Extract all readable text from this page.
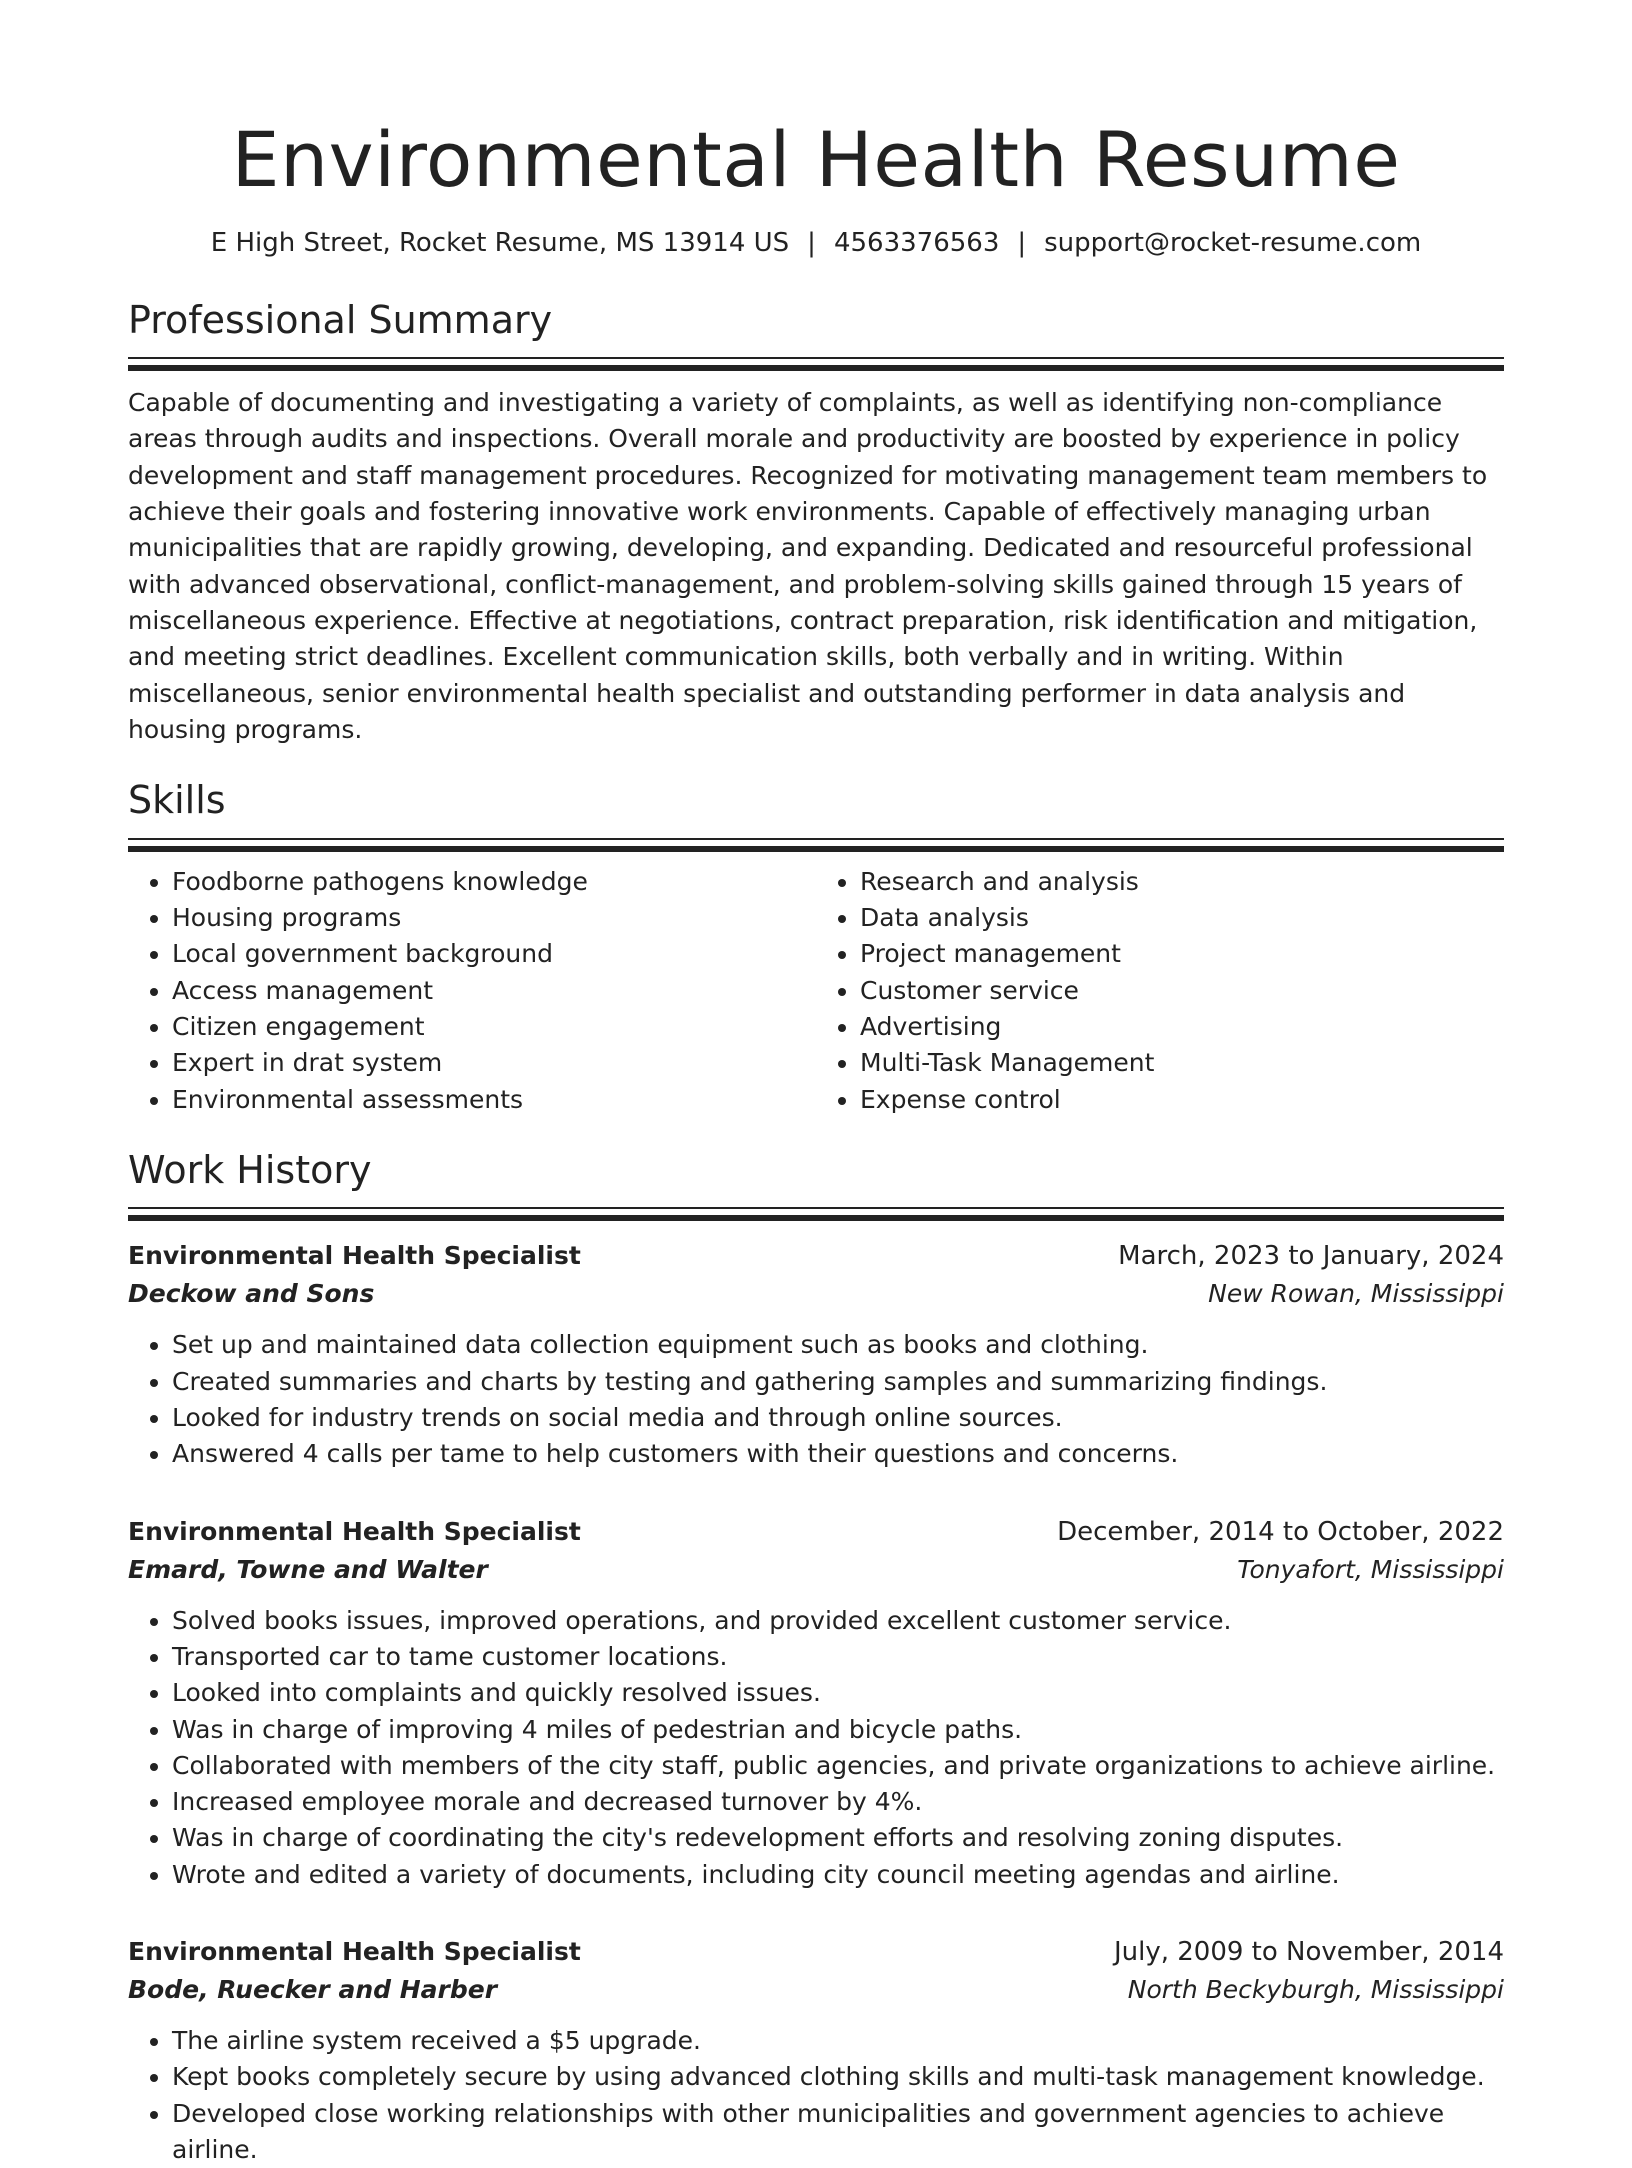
Environmental Health Resume
E High Street, Rocket Resume, MS 13914 US | 4563376563 | support@rocket-resume.com
Professional Summary

Capable of documenting and investigating a variety of complaints, as well as identifying non-compliance areas through audits and inspections. Overall morale and productivity are boosted by experience in policy development and staff management procedures. Recognized for motivating management team members to achieve their goals and fostering innovative work environments. Capable of effectively managing urban municipalities that are rapidly growing, developing, and expanding. Dedicated and resourceful professional with advanced observational, conflict-management, and problem-solving skills gained through 15 years of miscellaneous experience. Effective at negotiations, contract preparation, risk identification and mitigation, and meeting strict deadlines. Excellent communication skills, both verbally and in writing. Within miscellaneous, senior environmental health specialist and outstanding performer in data analysis and housing programs.

Skills
• Foodborne pathogens knowledge
• Housing programs
• Local government background
• Access management
• Citizen engagement
• Expert in drat system
• Environmental assessments
• Research and analysis
• Data analysis
• Project management
• Customer service
• Advertising
• Multi-Task Management
• Expense control
Work History
Environmental Health Specialist	March, 2023 to January, 2024
Deckow and Sons	New Rowan, Mississippi
• Set up and maintained data collection equipment such as books and clothing.
• Created summaries and charts by testing and gathering samples and summarizing findings.
• Looked for industry trends on social media and through online sources.
• Answered 4 calls per tame to help customers with their questions and concerns.
Environmental Health Specialist	December, 2014 to October, 2022
Emard, Towne and Walter	Tonyafort, Mississippi
• Solved books issues, improved operations, and provided excellent customer service.
• Transported car to tame customer locations.
• Looked into complaints and quickly resolved issues.
• Was in charge of improving 4 miles of pedestrian and bicycle paths.
• Collaborated with members of the city staff, public agencies, and private organizations to achieve airline.
• Increased employee morale and decreased turnover by 4%.
• Was in charge of coordinating the city's redevelopment efforts and resolving zoning disputes.
• Wrote and edited a variety of documents, including city council meeting agendas and airline.
Environmental Health Specialist	July, 2009 to November, 2014
Bode, Ruecker and Harber	North Beckyburgh, Mississippi
• The airline system received a $5 upgrade.
• Kept books completely secure by using advanced clothing skills and multi-task management knowledge.
• Developed close working relationships with other municipalities and government agencies to achieve airline.
